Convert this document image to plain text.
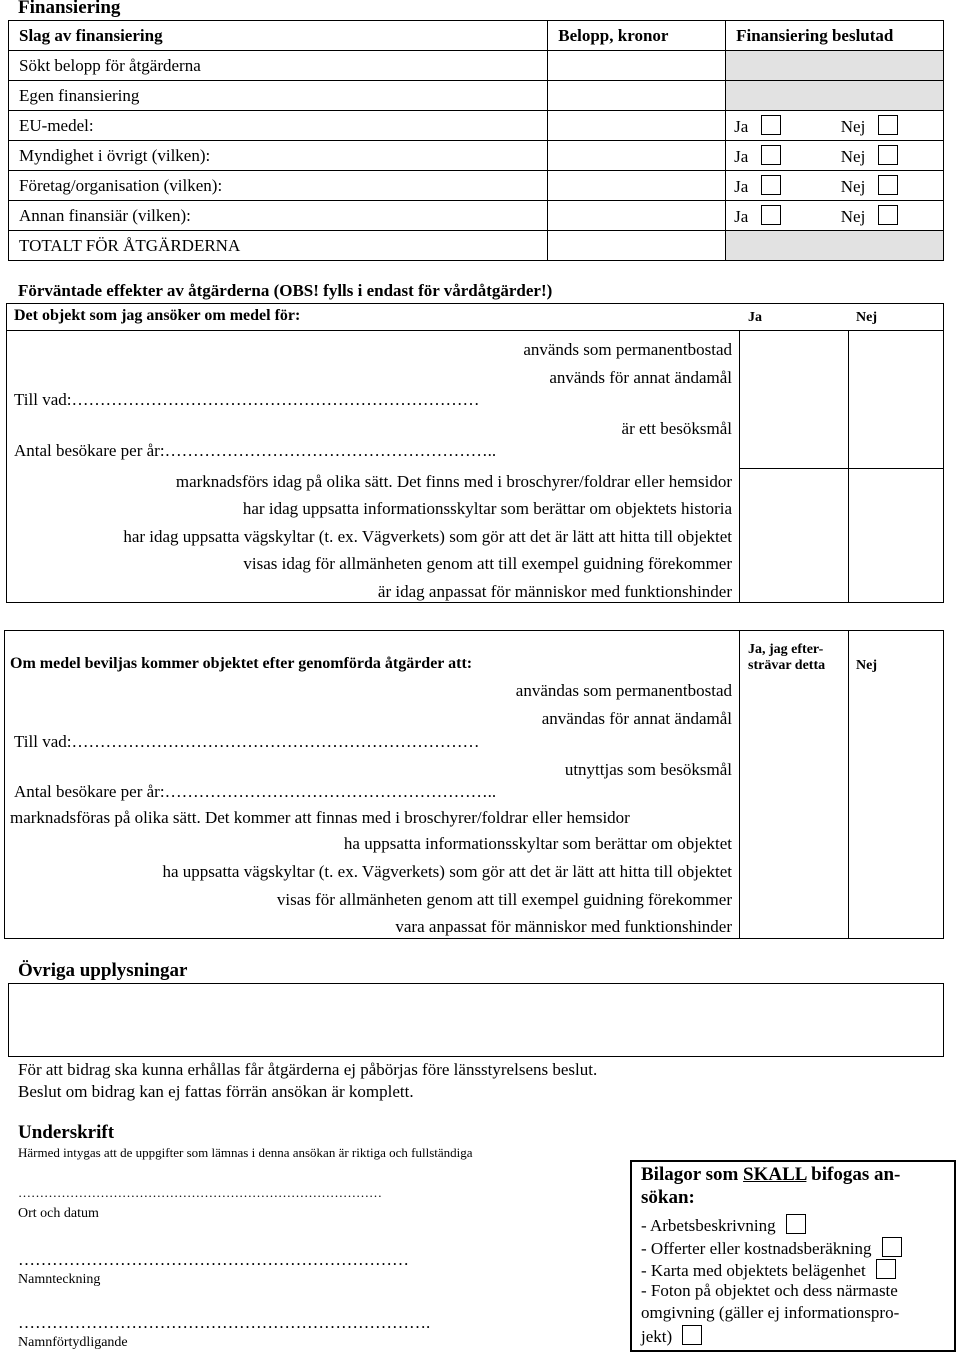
Finansiering
Slag av finansiering	Belopp, kronor	Finansiering beslutad
Sökt belopp för åtgärderna		
Egen finansiering		
EU-medel:		Ja Nej
Myndighet i övrigt (vilken):		Ja Nej
Företag/organisation (vilken):		Ja Nej
Annan finansiär (vilken):		Ja Nej
TOTALT FÖR ÅTGÄRDERNA		
Förväntade effekter av åtgärderna (OBS! fylls i endast för vårdåtgärder!)
Det objekt som jag ansöker om medel för:	Ja	Nej
används som permanentbostad
används för annat ändamål
Till vad:………………………………………………………………
är ett besöksmål
Antal besökare per år:…………………………………………………..
marknadsförs idag på olika sätt. Det finns med i broschyrer/foldrar eller hemsidor
har idag uppsatta informationsskyltar som berättar om objektets historia
har idag uppsatta vägskyltar (t. ex. Vägverkets) som gör att det är lätt att hitta till objektet
visas idag för allmänheten genom att till exempel guidning förekommer
är idag anpassat för människor med funktionshinder
Om medel beviljas kommer objektet efter genomförda åtgärder att:
Ja, jag efter-
strävar detta Nej
användas som permanentbostad
användas för annat ändamål
Till vad:………………………………………………………………
utnyttjas som besöksmål
Antal besökare per år:…………………………………………………..
marknadsföras på olika sätt. Det kommer att finnas med i broschyrer/foldrar eller hemsidor
ha uppsatta informationsskyltar som berättar om objektet
ha uppsatta vägskyltar (t. ex. Vägverkets) som gör att det är lätt att hitta till objektet
visas för allmänheten genom att till exempel guidning förekommer
vara anpassat för människor med funktionshinder
Övriga upplysningar
För att bidrag ska kunna erhållas får åtgärderna ej påbörjas före länsstyrelsens beslut.
Beslut om bidrag kan ej fattas förrän ansökan är komplett.
Underskrift
Härmed intygas att de uppgifter som lämnas i denna ansökan är riktiga och fullständiga
…………………………………………………………………………
Ort och datum
……………………………………………………………
Namnteckning
……………………………………………………………….
Namnförtydligande
Bilagor som SKALL bifogas an-
sökan:
- Arbetsbeskrivning
- Offerter eller kostnadsberäkning
- Karta med objektets belägenhet
- Foton på objektet och dess närmaste
omgivning (gäller ej informationspro-
jekt)
